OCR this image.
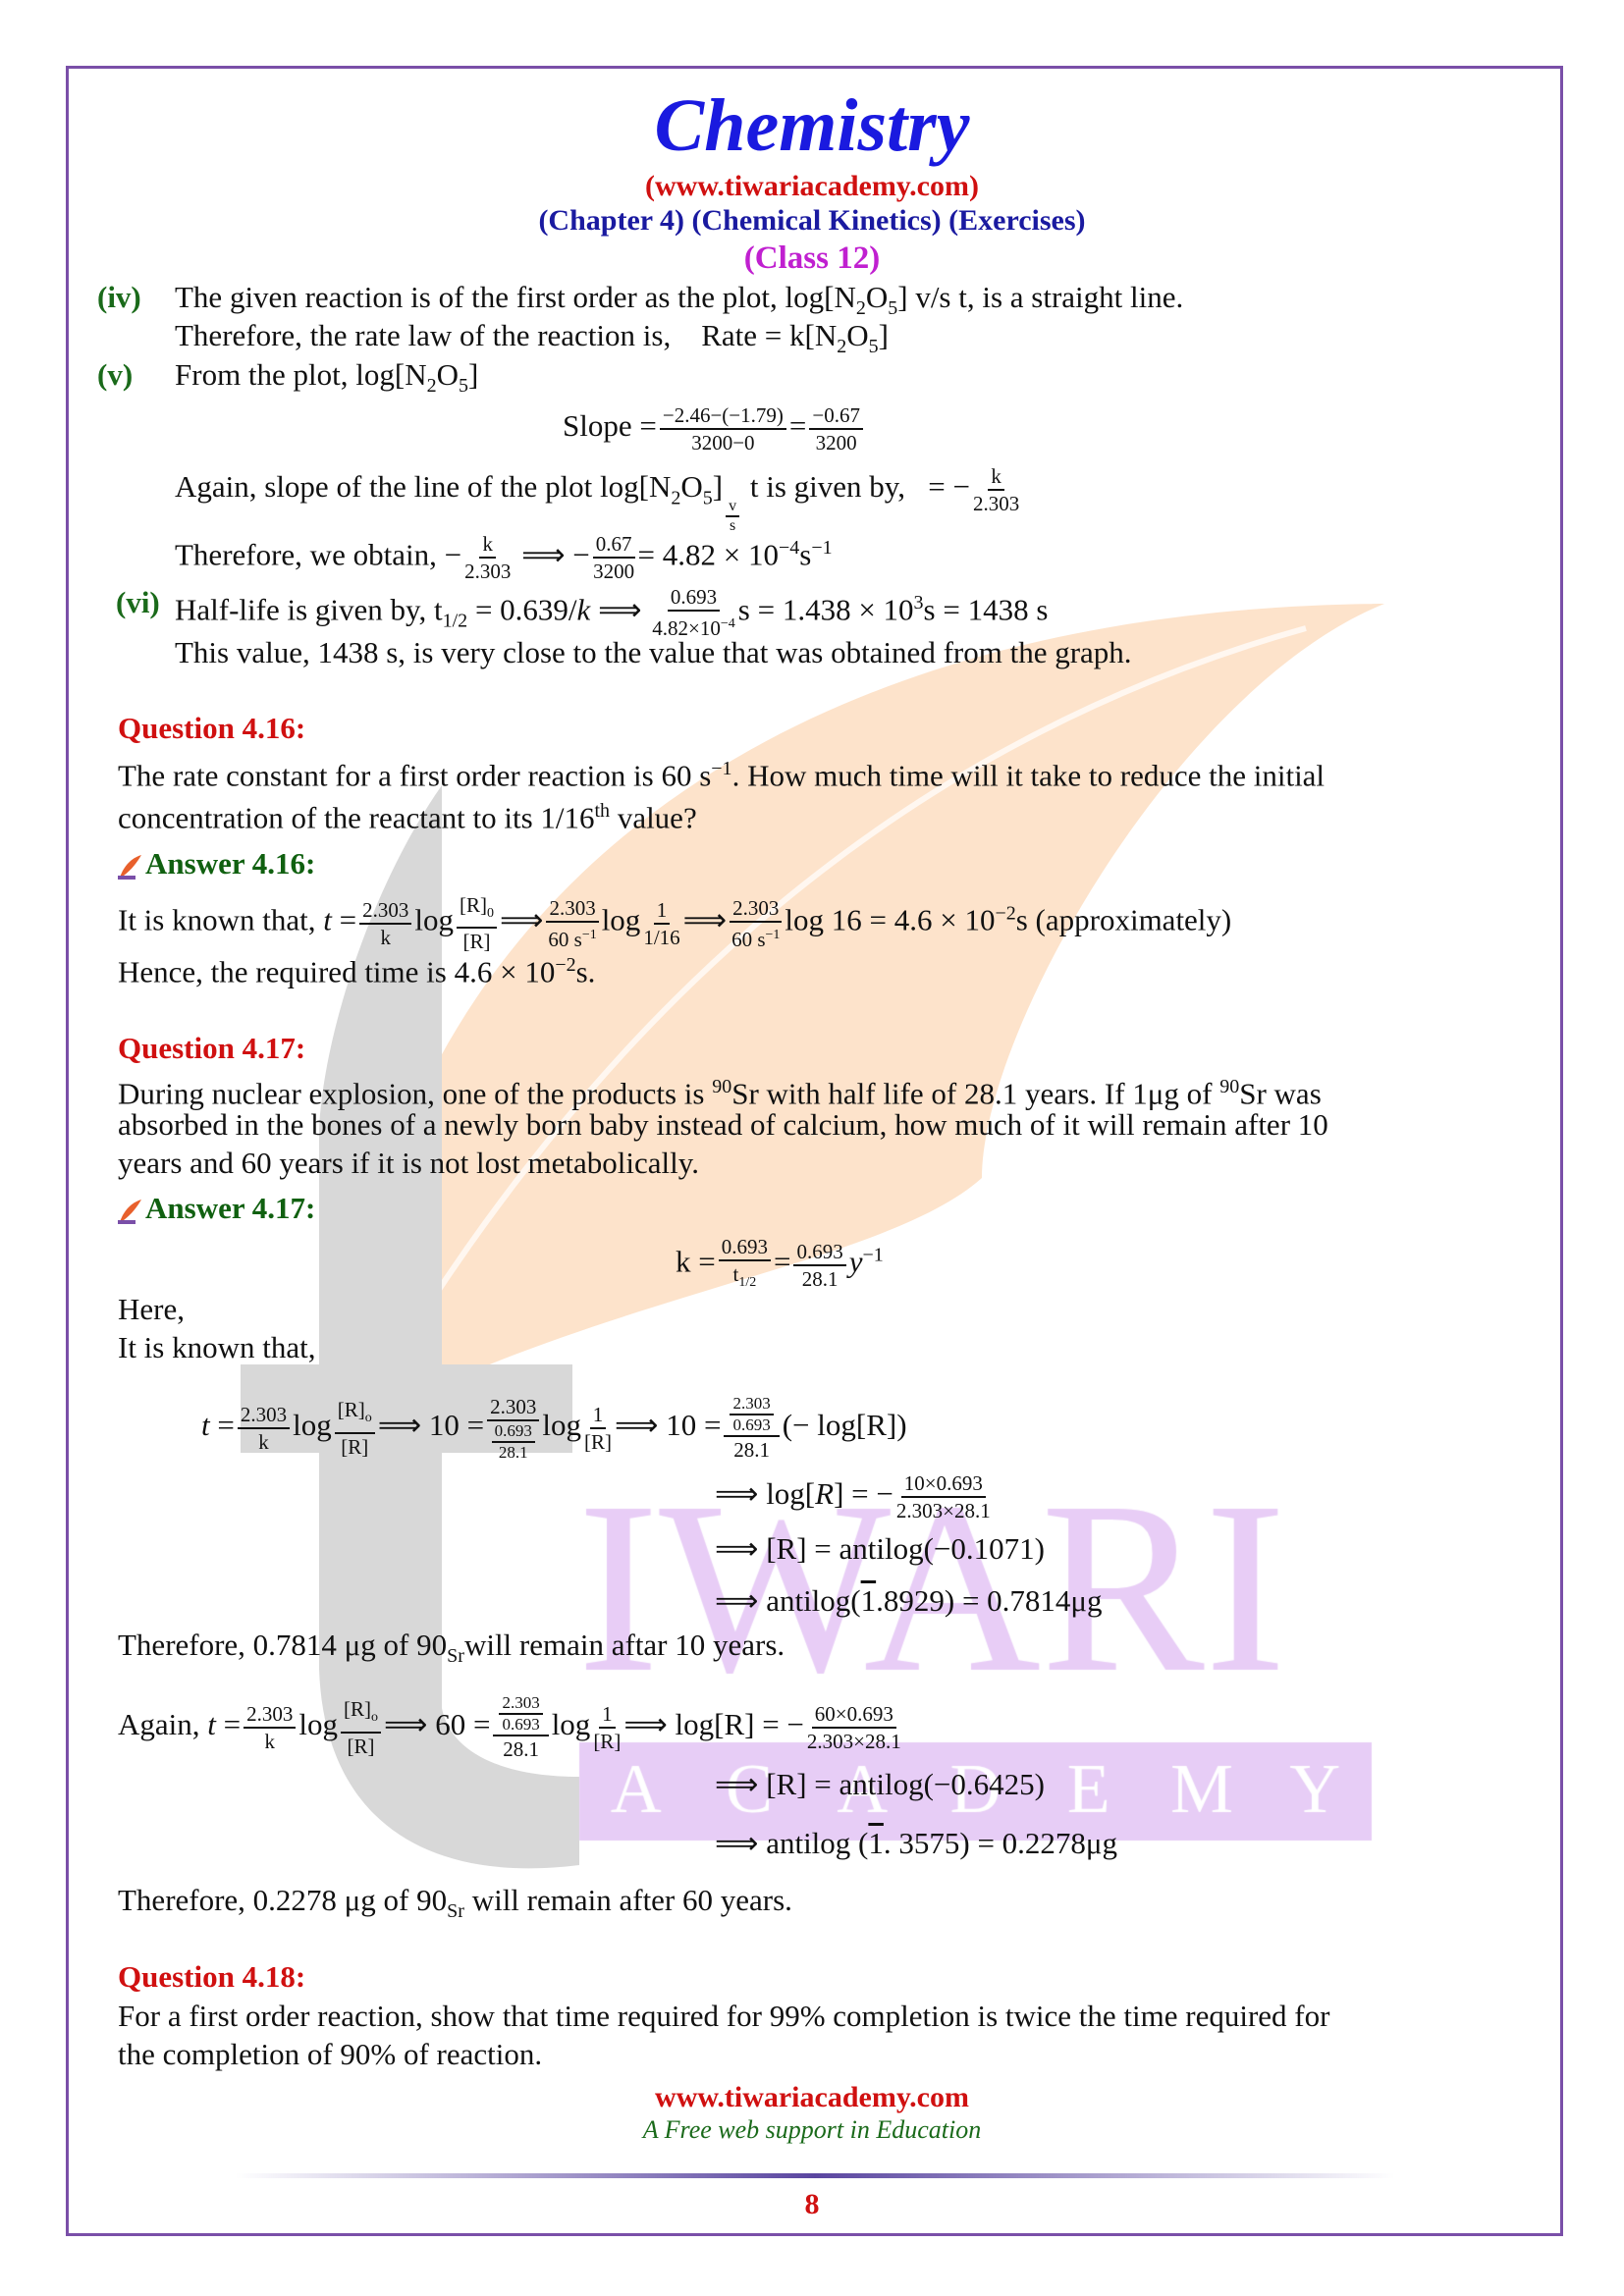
Chemistry
(www.tiwariacademy.com)
(Chapter 4) (Chemical Kinetics) (Exercises)
(Class 12)
(iv) The given reaction is of the first order as the plot, $\log[N_2O_5]$ v/s t, is a straight line.
Therefore, the rate law of the reaction is, Rate = $k[N_2O_5]$
(v) From the plot, $\log[N_2O_5]$
Slope = $\frac{-2.46-(-1.79)}{3200-0} = \frac{-0.67}{3200}$
Again, slope of the line of the plot $\log[N_2O_5]$
$\frac{v}{s}$
t is given by, = − $\frac{k}{2.303}$
Therefore, we obtain, − $\frac{k}{2.303}$ ⟹ − $\frac{0.67}{3200} = 4.82 \times 10^{-4}s^{-1}$
(vi) Half-life is given by, $t_{1/2} = 0.639/k$ ⟹ $\frac{0.693}{4.82\times 10^{-4}}$ $s = 1.438 \times 10^3s = 1438$ s
This value, 1438 s, is very close to the value that was obtained from the graph.
Question 4.16:
The rate constant for a first order reaction is 60 $s^{-1}$. How much time will it take to reduce the initial
concentration of the reactant to its 1/16th value?
Answer 4.16:
It is known that, $t = \frac{2.303}{k}$ $\log \frac{[R]_0}{[R]}$ ⟹ $\frac{2.303}{60 s^{-1}}$ $\log \frac{1}{1/16}$ ⟹ $\frac{2.303}{60 s^{-1}}$ $\log 16 = 4.6 \times 10^{-2}s$ (approximately)
Hence, the required time is $4.6 \times 10^{-2}s$.
Question 4.17:
During nuclear explosion, one of the products is $^{90}$Sr with half life of 28.1 years. If 1μg of $^{90}$Sr was
absorbed in the bones of a newly born baby instead of calcium, how much of it will remain after 10
years and 60 years if it is not lost metabolically.
Answer 4.17:
$k = \frac{0.693}{t_{1/2}} = \frac{0.693}{28.1} y^{-1}$
Here,
It is known that,
$t = \frac{2.303}{k}$ $\log \frac{[R]_o}{[R]}$ ⟹ $10 = \frac{2.303}{\frac{0.693}{28.1}}$ $\log \frac{1}{[R]}$ ⟹ $10 = \frac{\frac{2.303}{0.693}}{28.1}$ (− log[R])
⟹ log[R] = − $\frac{10\times 0.693}{2.303\times 28.1}$
⟹ [R] = antilog(−0.1071)
⟹ antilog(1.8929) = 0.7814μg
Therefore, 0.7814 μg of $90_{Sr}will$ remain aftar 10 years.
Again, $t = \frac{2.303}{k}$ $\log \frac{[R]_o}{[R]}$ ⟹ $60 = \frac{\frac{2.303}{0.693}}{28.1}$ $\log \frac{1}{[R]}$ ⟹ log[R] = − $\frac{60\times 0.693}{2.303\times 28.1}$
⟹ [R] = antilog(−0.6425)
⟹ antilog (1. 3575) = 0.2278μg
Therefore, 0.2278 μg of $90_{Sr}$ will remain after 60 years.
Question 4.18:
For a first order reaction, show that time required for 99% completion is twice the time required for
the completion of 90% of reaction.
www.tiwariacademy.com
A Free web support in Education
8
